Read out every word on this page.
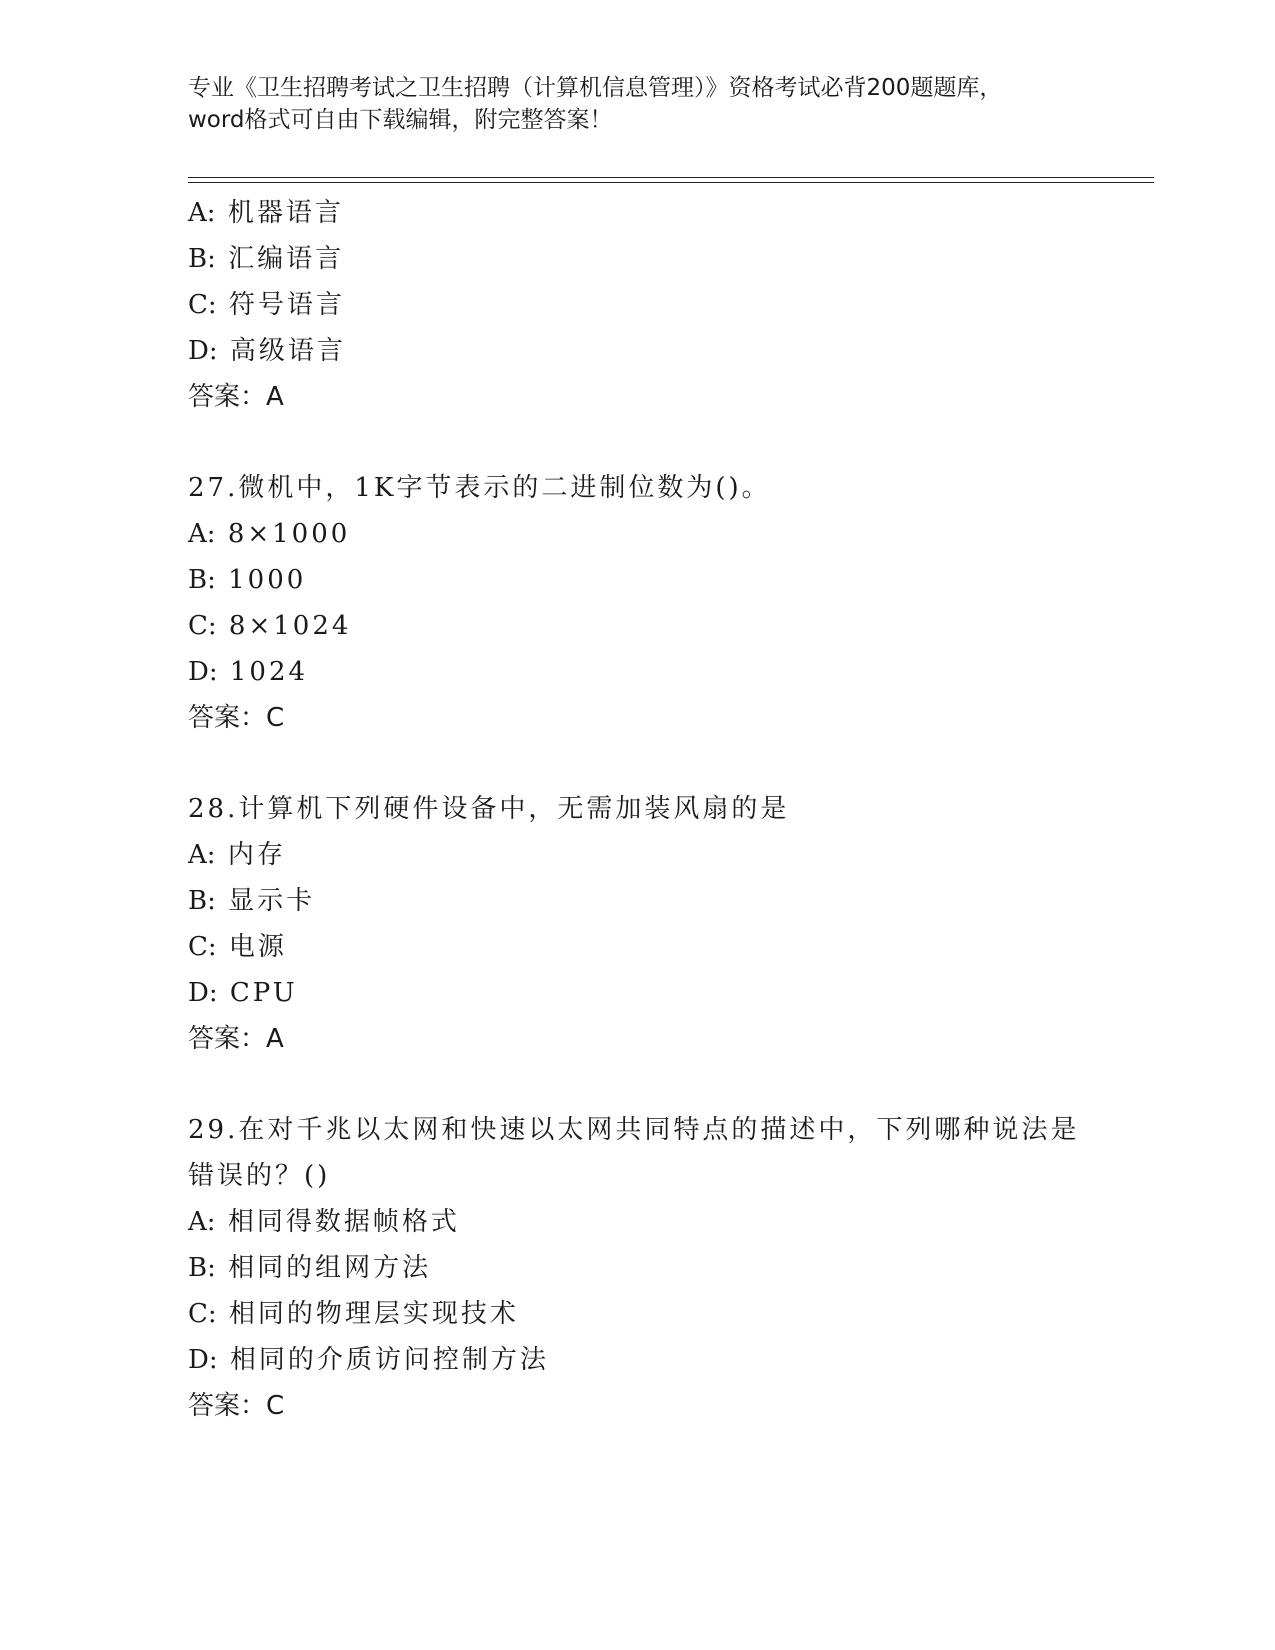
专业《卫生招聘考试之卫生招聘（计算机信息管理）》资格考试必背200题题库，
word格式可自由下载编辑，附完整答案！
A: 机器语言
B: 汇编语言
C: 符号语言
D: 高级语言
答案：A
27.微机中，1K字节表示的二进制位数为()。
A: 8×1000
B: 1000
C: 8×1024
D: 1024
答案：C
28.计算机下列硬件设备中，无需加装风扇的是
A: 内存
B: 显示卡
C: 电源
D: CPU
答案：A
29.在对千兆以太网和快速以太网共同特点的描述中，下列哪种说法是
错误的？()
A: 相同得数据帧格式
B: 相同的组网方法
C: 相同的物理层实现技术
D: 相同的介质访问控制方法
答案：C
